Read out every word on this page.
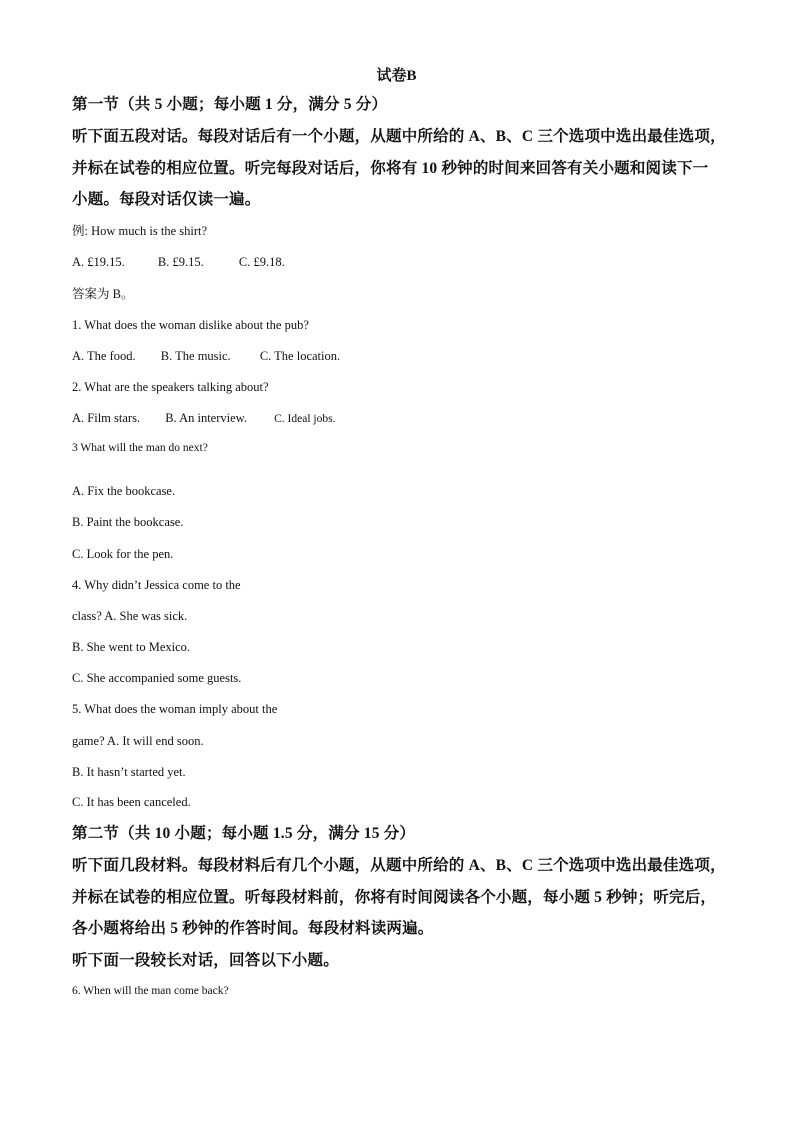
试卷B
第一节（共 5 小题；每小题 1 分，满分 5 分）
听下面五段对话。每段对话后有一个小题，从题中所给的 A、B、C 三个选项中选出最佳选项，
并标在试卷的相应位置。听完每段对话后，你将有 10 秒钟的时间来回答有关小题和阅读下一
小题。每段对话仅读一遍。
例: How much is the shirt?
A. £19.15.	B. £9.15.	C. £9.18.
答案为 B。
1. What does the woman dislike about the pub?
A. The food. B. The music. C. The location.
2. What are the speakers talking about?
A. Film stars. B. An interview. C. Ideal jobs.
3 What will the man do next?
A. Fix the bookcase.
B. Paint the bookcase.
C. Look for the pen.
4. Why didn’t Jessica come to the
class? A. She was sick.
B. She went to Mexico.
C. She accompanied some guests.
5. What does the woman imply about the
game? A. It will end soon.
B. It hasn’t started yet.
C. It has been canceled.
第二节（共 10 小题；每小题 1.5 分，满分 15 分）
听下面几段材料。每段材料后有几个小题，从题中所给的 A、B、C 三个选项中选出最佳选项，
并标在试卷的相应位置。听每段材料前，你将有时间阅读各个小题，每小题 5 秒钟；听完后，
各小题将给出 5 秒钟的作答时间。每段材料读两遍。
听下面一段较长对话，回答以下小题。
6. When will the man come back?
